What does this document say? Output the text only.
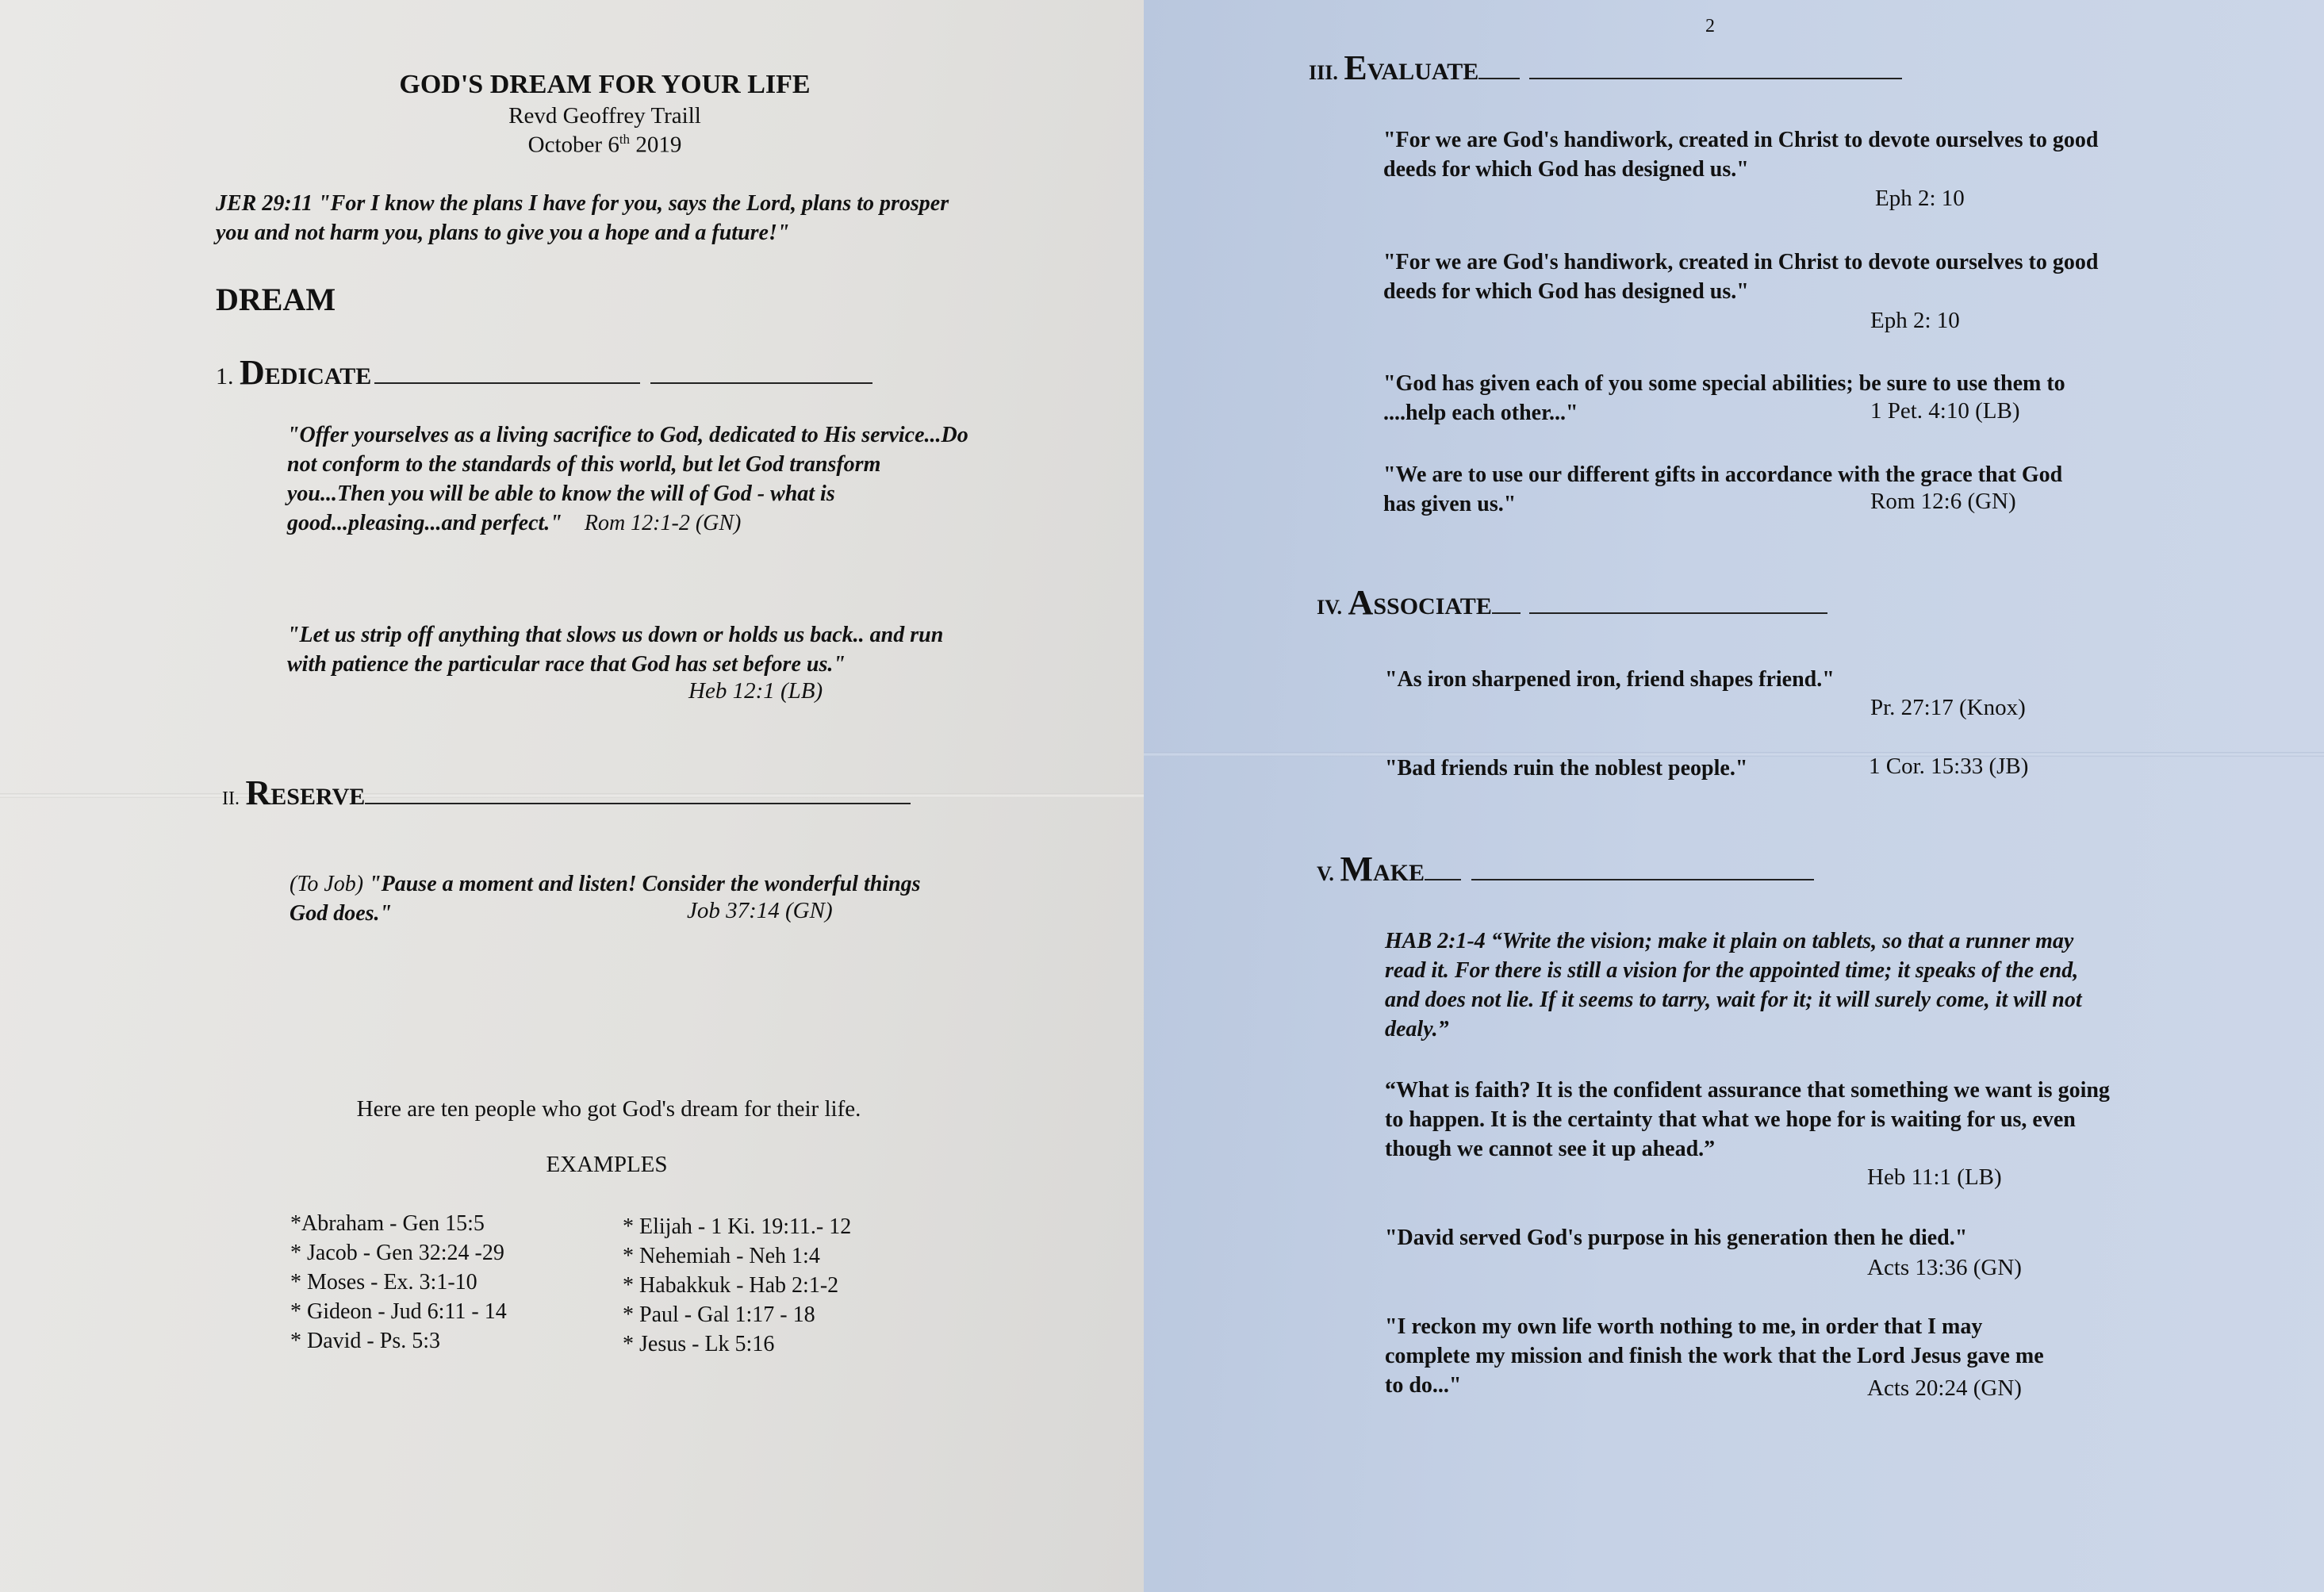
GOD'S DREAM FOR YOUR LIFE

Revd Geoffrey Traill

October 6th 2019

JER 29:11 "For I know the plans I have for you, says the Lord, plans to prosper you and not harm you, plans to give you a hope and a future!"

DREAM

1. DEDICATE

"Offer yourselves as a living sacrifice to God, dedicated to His service...Do not conform to the standards of this world, but let God transform you...Then you will be able to know the will of God - what is good...pleasing...and perfect." Rom 12:1-2 (GN)

"Let us strip off anything that slows us down or holds us back.. and run with patience the particular race that God has set before us."

Heb 12:1 (LB)

II. RESERVE

(To Job) "Pause a moment and listen! Consider the wonderful things God does."	Job 37:14 (GN)

Here are ten people who got God's dream for their life.

EXAMPLES

*Abraham - Gen 15:5
* Jacob - Gen 32:24 -29
* Moses - Ex. 3:1-10
* Gideon - Jud 6:11 - 14
* David - Ps. 5:3
* Elijah - 1 Ki. 19:11.- 12
* Nehemiah - Neh 1:4
* Habakkuk - Hab 2:1-2
* Paul - Gal 1:17 - 18
* Jesus - Lk 5:16

2

III. EVALUATE

"For we are God's handiwork, created in Christ to devote ourselves to good deeds for which God has designed us."

Eph 2: 10

"For we are God's handiwork, created in Christ to devote ourselves to good deeds for which God has designed us."

Eph 2: 10

"God has given each of you some special abilities; be sure to use them to ....help each other..."	1 Pet. 4:10 (LB)

"We are to use our different gifts in accordance with the grace that God has given us."	Rom 12:6 (GN)

IV. ASSOCIATE

"As iron sharpened iron, friend shapes friend."

Pr. 27:17 (Knox)

"Bad friends ruin the noblest people."	1 Cor. 15:33 (JB)

V. MAKE

HAB 2:1-4 “Write the vision; make it plain on tablets, so that a runner may read it. For there is still a vision for the appointed time; it speaks of the end, and does not lie. If it seems to tarry, wait for it; it will surely come, it will not dealy.”

“What is faith? It is the confident assurance that something we want is going to happen. It is the certainty that what we hope for is waiting for us, even though we cannot see it up ahead.”

Heb 11:1 (LB)

"David served God's purpose in his generation then he died."

Acts 13:36 (GN)

"I reckon my own life worth nothing to me, in order that I may complete my mission and finish the work that the Lord Jesus gave me to do..."	Acts 20:24 (GN)
